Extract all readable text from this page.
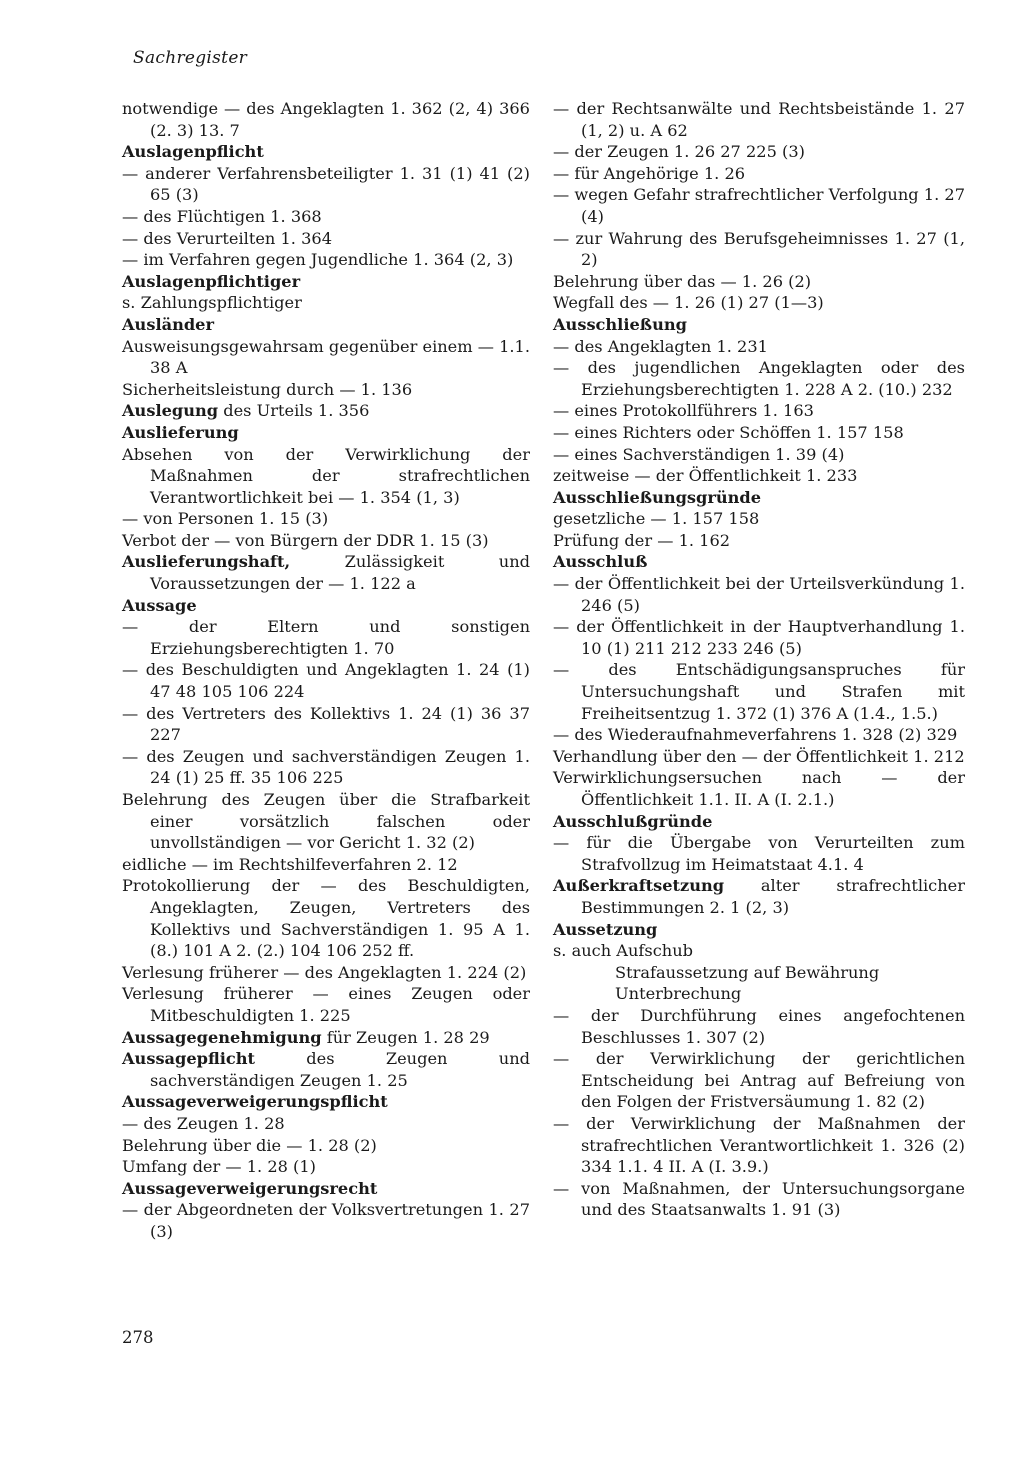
Sachregister

notwendige — des Angeklagten 1. 362 (2, 4) 366 (2. 3) 13. 7

Auslagenpflicht

— anderer Verfahrensbeteiligter 1. 31 (1) 41 (2) 65 (3)

— des Flüchtigen 1. 368

— des Verurteilten 1. 364

— im Verfahren gegen Jugendliche 1. 364 (2, 3)

Auslagenpflichtiger

s. Zahlungspflichtiger

Ausländer

Ausweisungsgewahrsam gegenüber einem — 1.1. 38 A

Sicherheitsleistung durch — 1. 136

Auslegung des Urteils 1. 356

Auslieferung

Absehen von der Verwirklichung der Maßnahmen der strafrechtlichen Verantwortlichkeit bei — 1. 354 (1, 3)

— von Personen 1. 15 (3)

Verbot der — von Bürgern der DDR 1. 15 (3)

Auslieferungshaft, Zulässigkeit und Voraussetzungen der — 1. 122 a

Aussage

— der Eltern und sonstigen Erziehungsberechtigten 1. 70

— des Beschuldigten und Angeklagten 1. 24 (1) 47 48 105 106 224

— des Vertreters des Kollektivs 1. 24 (1) 36 37 227

— des Zeugen und sachverständigen Zeugen 1. 24 (1) 25 ff. 35 106 225

Belehrung des Zeugen über die Strafbarkeit einer vorsätzlich falschen oder unvollständigen — vor Gericht 1. 32 (2)

eidliche — im Rechtshilfeverfahren 2. 12

Protokollierung der — des Beschuldigten, Angeklagten, Zeugen, Vertreters des Kollektivs und Sachverständigen 1. 95 A 1. (8.) 101 A 2. (2.) 104 106 252 ff.

Verlesung früherer — des Angeklagten 1. 224 (2)

Verlesung früherer — eines Zeugen oder Mitbeschuldigten 1. 225

Aussagegenehmigung für Zeugen 1. 28 29

Aussagepflicht des Zeugen und sachverständigen Zeugen 1. 25

Aussageverweigerungspflicht

— des Zeugen 1. 28

Belehrung über die — 1. 28 (2)

Umfang der — 1. 28 (1)

Aussageverweigerungsrecht

— der Abgeordneten der Volksvertretungen 1. 27 (3)

— der Rechtsanwälte und Rechtsbeistände 1. 27 (1, 2) u. A 62

— der Zeugen 1. 26 27 225 (3)

— für Angehörige 1. 26

— wegen Gefahr strafrechtlicher Verfolgung 1. 27 (4)

— zur Wahrung des Berufsgeheimnisses 1. 27 (1, 2)

Belehrung über das — 1. 26 (2)

Wegfall des — 1. 26 (1) 27 (1—3)

Ausschließung

— des Angeklagten 1. 231

— des jugendlichen Angeklagten oder des Erziehungsberechtigten 1. 228 A 2. (10.) 232

— eines Protokollführers 1. 163

— eines Richters oder Schöffen 1. 157 158

— eines Sachverständigen 1. 39 (4)

zeitweise — der Öffentlichkeit 1. 233

Ausschließungsgründe

gesetzliche — 1. 157 158

Prüfung der — 1. 162

Ausschluß

— der Öffentlichkeit bei der Urteilsverkündung 1. 246 (5)

— der Öffentlichkeit in der Hauptverhandlung 1. 10 (1) 211 212 233 246 (5)

— des Entschädigungsanspruches für Untersuchungshaft und Strafen mit Freiheitsentzug 1. 372 (1) 376 A (1.4., 1.5.)

— des Wiederaufnahmeverfahrens 1. 328 (2) 329

Verhandlung über den — der Öffentlichkeit 1. 212

Verwirklichungsersuchen nach — der Öffentlichkeit 1.1. II. A (I. 2.1.)

Ausschlußgründe

— für die Übergabe von Verurteilten zum Strafvollzug im Heimatstaat 4.1. 4

Außerkraftsetzung alter strafrechtlicher Bestimmungen 2. 1 (2, 3)

Aussetzung

s. auch Aufschub

Strafaussetzung auf Bewährung

Unterbrechung

— der Durchführung eines angefochtenen Beschlusses 1. 307 (2)

— der Verwirklichung der gerichtlichen Entscheidung bei Antrag auf Befreiung von den Folgen der Fristversäumung 1. 82 (2)

— der Verwirklichung der Maßnahmen der strafrechtlichen Verantwortlichkeit 1. 326 (2) 334 1.1. 4 II. A (I. 3.9.)

— von Maßnahmen, der Untersuchungsorgane und des Staatsanwalts 1. 91 (3)

278
